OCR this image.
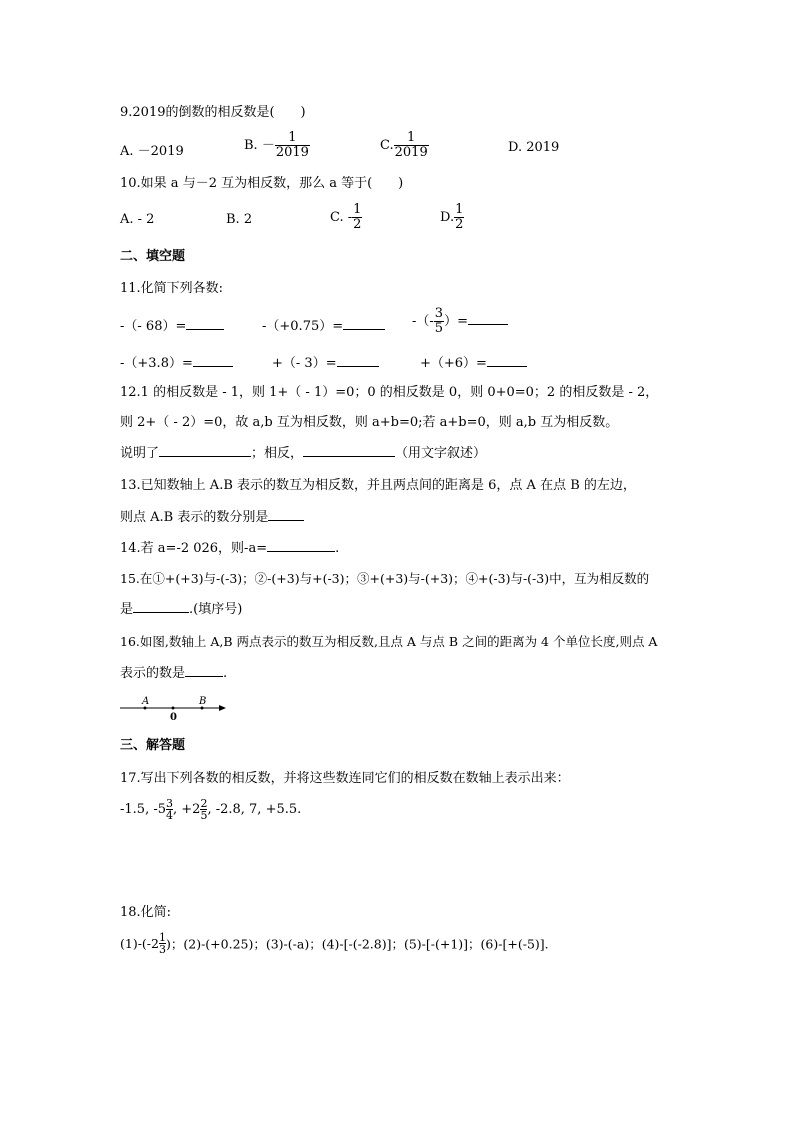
9.2019的倒数的相反数是(　　)
A. －2019	B. － $\frac{1}{2019}$	C. $\frac{1}{2019}$	D. 2019
10.如果 a 与－2 互为相反数，那么 a 等于(　　)
A. - 2	B. 2	C. - $\frac{1}{2}$	D. $\frac{1}{2}$
二、填空题
11.化简下列各数:
-（- 68）=	-（+0.75）=	-（- $\frac{3}{5}$ ）=
-（+3.8）=	+（- 3）=	+（+6）=
12.1 的相反数是 - 1，则 1+（ - 1）=0；0 的相反数是 0，则 0+0=0；2 的相反数是 - 2，
则 2+（ - 2）=0，故 a,b 互为相反数，则 a+b=0;若 a+b=0，则 a,b 互为相反数。
说明了	；相反，	（用文字叙述）
13.已知数轴上 A.B 表示的数互为相反数，并且两点间的距离是 6，点 A 在点 B 的左边，
则点 A.B 表示的数分别是
14.若 a=-2 026，则-a=	.
15.在①+(+3)与-(-3)；②-(+3)与+(-3)；③+(+3)与-(+3)；④+(-3)与-(-3)中，互为相反数的
是	.(填序号)
16.如图,数轴上 A,B 两点表示的数互为相反数,且点 A 与点 B 之间的距离为 4 个单位长度,则点 A
表示的数是	.
A
0
B
三、解答题
17.写出下列各数的相反数，并将这些数连同它们的相反数在数轴上表示出来：
-1.5, $-5 \frac{3}{4}$ , $+2 \frac{2}{5}$ , -2.8, 7, +5.5.
18.化简:
$(1)-(-2 \frac{1}{3}$ )；(2)-(+0.25)；(3)-(-a)；(4)-[-(-2.8)]；(5)-[-(+1)]；(6)-[+(-5)].
